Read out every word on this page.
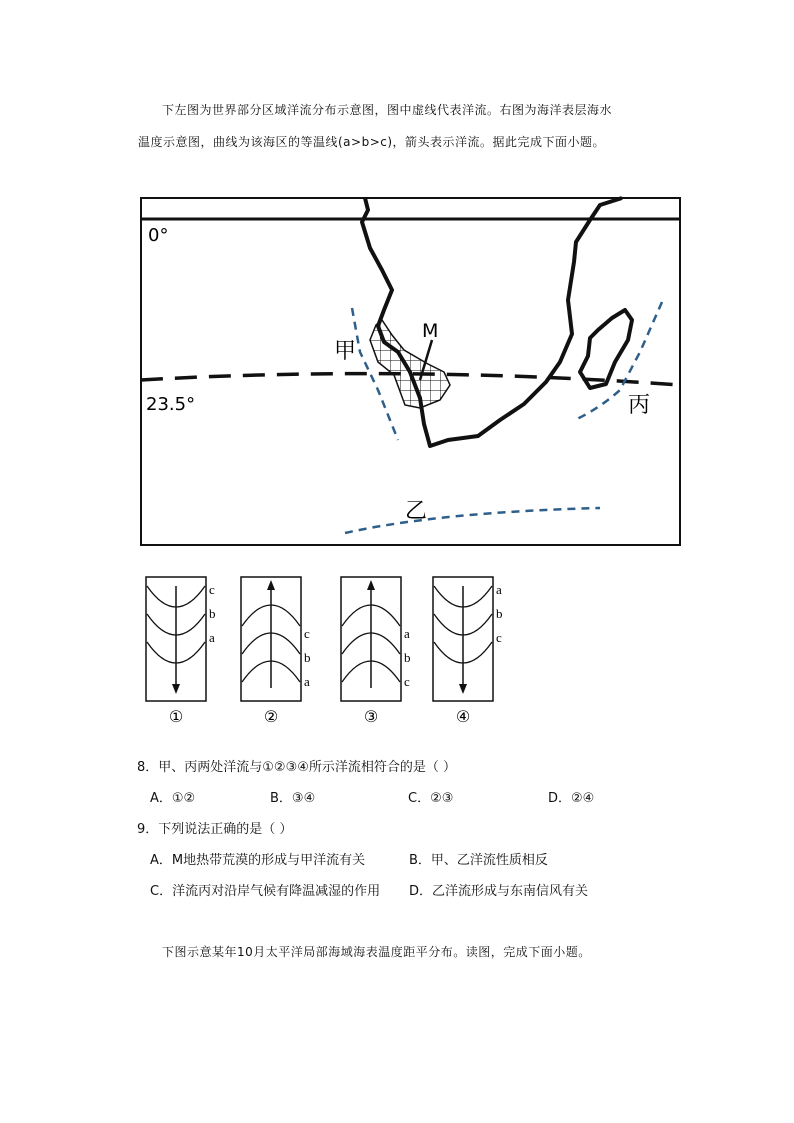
下左图为世界部分区域洋流分布示意图，图中虚线代表洋流。右图为海洋表层海水
温度示意图，曲线为该海区的等温线(a>b>c)，箭头表示洋流。据此完成下面小题。
0°
23.5°
甲
乙
丙
M
c
b
a
①
c
b
a
②
a
b
c
③
a
b
c
④
8．甲、丙两处洋流与①②③④所示洋流相符合的是（ ）
A．①②	B．③④	C．②③	D．②④
9．下列说法正确的是（ ）
A．M地热带荒漠的形成与甲洋流有关	B．甲、乙洋流性质相反
C．洋流丙对沿岸气候有降温减湿的作用 D．乙洋流形成与东南信风有关
下图示意某年10月太平洋局部海域海表温度距平分布。读图，完成下面小题。
